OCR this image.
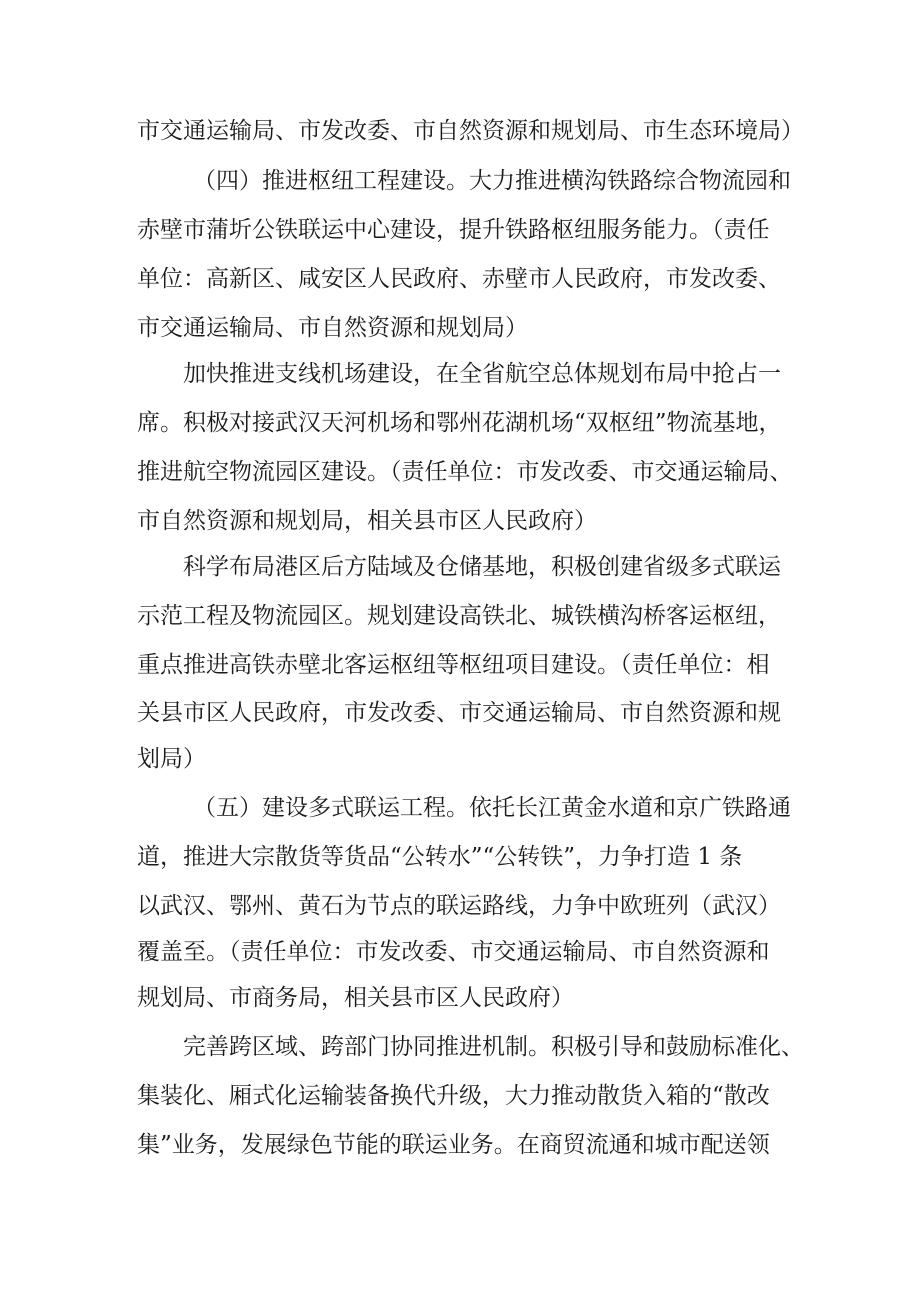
市交通运输局、市发改委、市自然资源和规划局、市生态环境局）
（四）推进枢纽工程建设。大力推进横沟铁路综合物流园和
赤壁市蒲圻公铁联运中心建设，提升铁路枢纽服务能力。（责任
单位：高新区、咸安区人民政府、赤壁市人民政府，市发改委、
市交通运输局、市自然资源和规划局）
加快推进支线机场建设，在全省航空总体规划布局中抢占一
席。积极对接武汉天河机场和鄂州花湖机场“双枢纽”物流基地，
推进航空物流园区建设。（责任单位：市发改委、市交通运输局、
市自然资源和规划局，相关县市区人民政府）
科学布局港区后方陆域及仓储基地，积极创建省级多式联运
示范工程及物流园区。规划建设高铁北、城铁横沟桥客运枢纽，
重点推进高铁赤壁北客运枢纽等枢纽项目建设。（责任单位：相
关县市区人民政府，市发改委、市交通运输局、市自然资源和规
划局）
（五）建设多式联运工程。依托长江黄金水道和京广铁路通
道，推进大宗散货等货品“公转水”“公转铁”，力争打造 1 条
以武汉、鄂州、黄石为节点的联运路线，力争中欧班列（武汉）
覆盖至。（责任单位：市发改委、市交通运输局、市自然资源和
规划局、市商务局，相关县市区人民政府）
完善跨区域、跨部门协同推进机制。积极引导和鼓励标准化、
集装化、厢式化运输装备换代升级，大力推动散货入箱的“散改
集”业务，发展绿色节能的联运业务。在商贸流通和城市配送领
